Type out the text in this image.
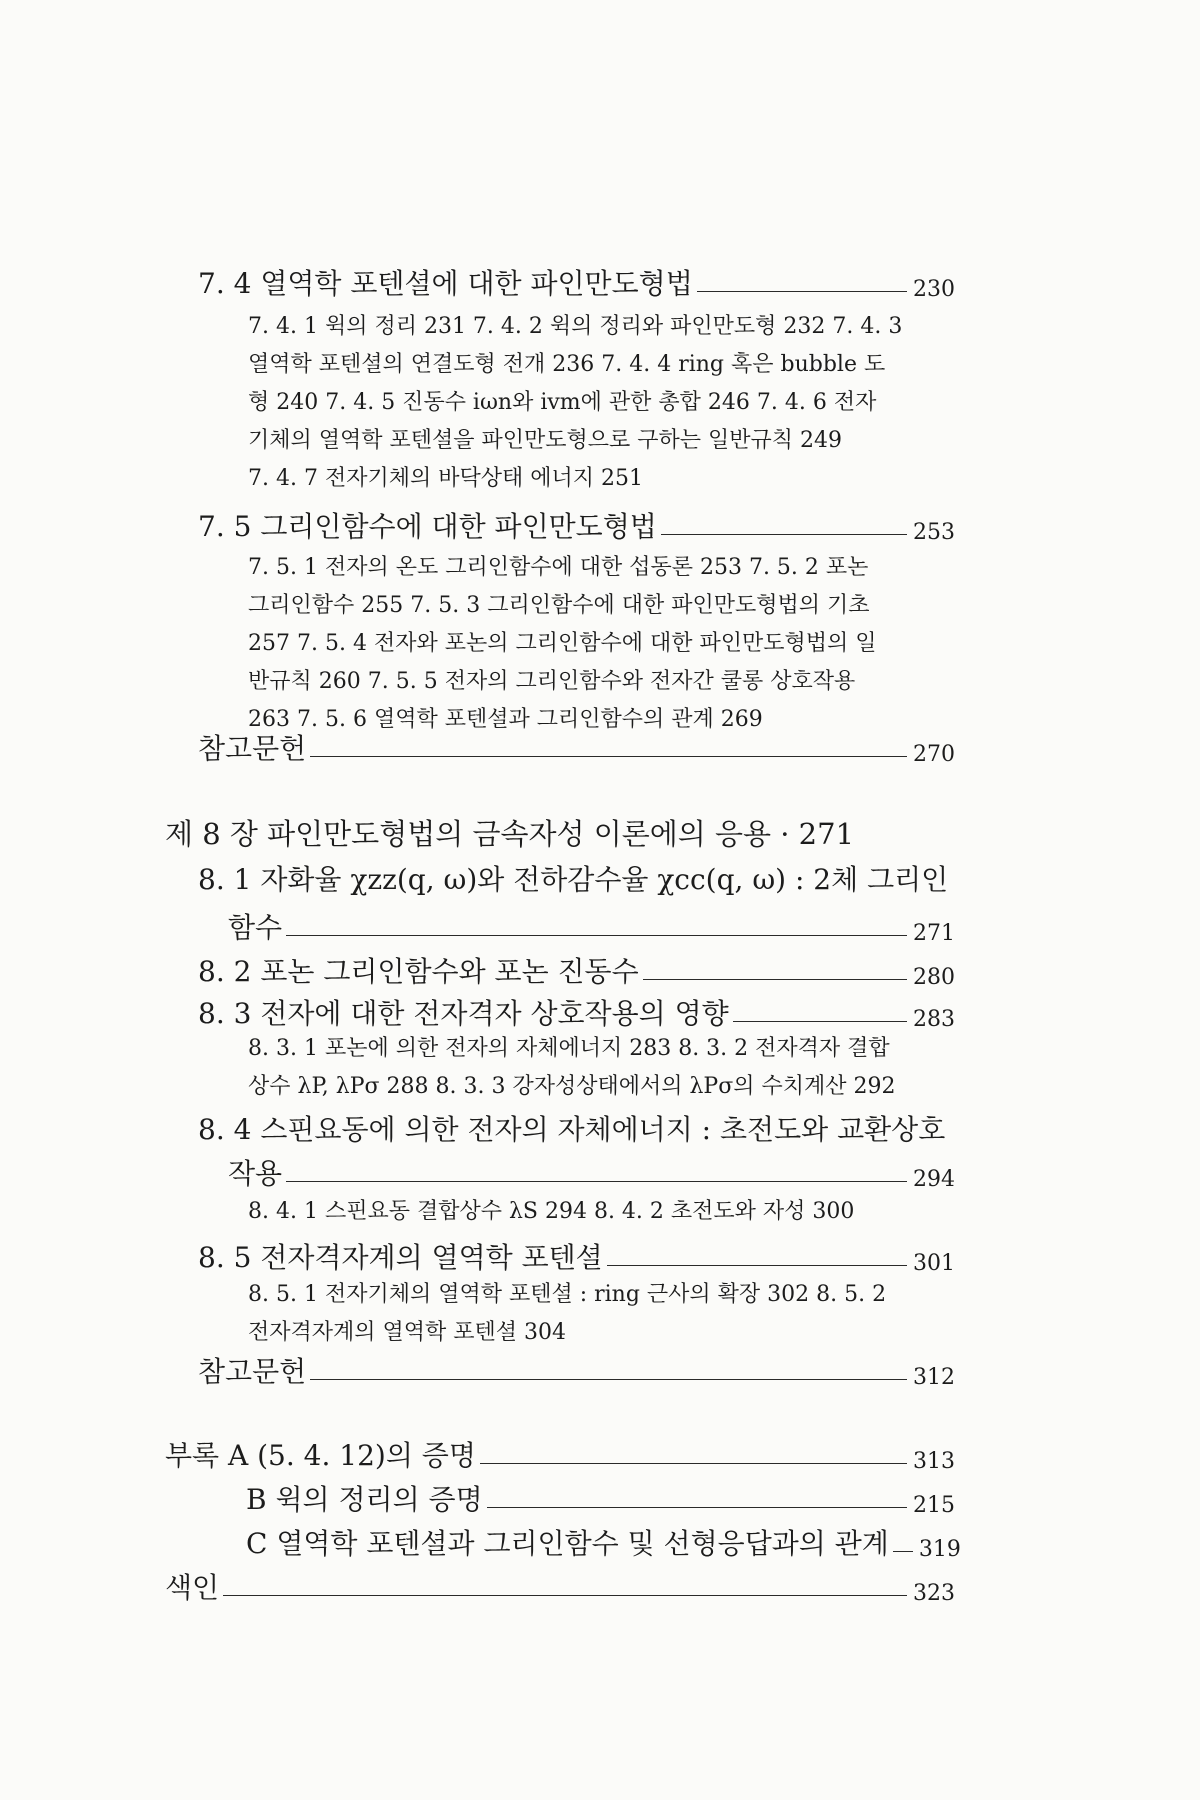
7. 4 열역학 포텐셜에 대한 파인만도형법	230
7. 4. 1 윅의 정리 231 7. 4. 2 윅의 정리와 파인만도형 232 7. 4. 3
열역학 포텐셜의 연결도형 전개 236 7. 4. 4 ring 혹은 bubble 도
형 240 7. 4. 5 진동수 iωn와 ivm에 관한 총합 246 7. 4. 6 전자
기체의 열역학 포텐셜을 파인만도형으로 구하는 일반규칙 249
7. 4. 7 전자기체의 바닥상태 에너지 251
7. 5 그리인함수에 대한 파인만도형법	253
7. 5. 1 전자의 온도 그리인함수에 대한 섭동론 253 7. 5. 2 포논
그리인함수 255 7. 5. 3 그리인함수에 대한 파인만도형법의 기초
257 7. 5. 4 전자와 포논의 그리인함수에 대한 파인만도형법의 일
반규칙 260 7. 5. 5 전자의 그리인함수와 전자간 쿨롱 상호작용
263 7. 5. 6 열역학 포텐셜과 그리인함수의 관계 269
참고문헌	270
제 8 장 파인만도형법의 금속자성 이론에의 응용 · 271
8. 1 자화율 χzz(q, ω)와 전하감수율 χcc(q, ω) : 2체 그리인
함수	271
8. 2 포논 그리인함수와 포논 진동수	280
8. 3 전자에 대한 전자격자 상호작용의 영향	283
8. 3. 1 포논에 의한 전자의 자체에너지 283 8. 3. 2 전자격자 결합
상수 λP, λPσ 288 8. 3. 3 강자성상태에서의 λPσ의 수치계산 292
8. 4 스핀요동에 의한 전자의 자체에너지 : 초전도와 교환상호
작용	294
8. 4. 1 스핀요동 결합상수 λS 294 8. 4. 2 초전도와 자성 300
8. 5 전자격자계의 열역학 포텐셜	301
8. 5. 1 전자기체의 열역학 포텐셜 : ring 근사의 확장 302 8. 5. 2
전자격자계의 열역학 포텐셜 304
참고문헌	312
부록 A (5. 4. 12)의 증명	313
B 윅의 정리의 증명	215
C 열역학 포텐셜과 그리인함수 및 선형응답과의 관계 319
색인	323
